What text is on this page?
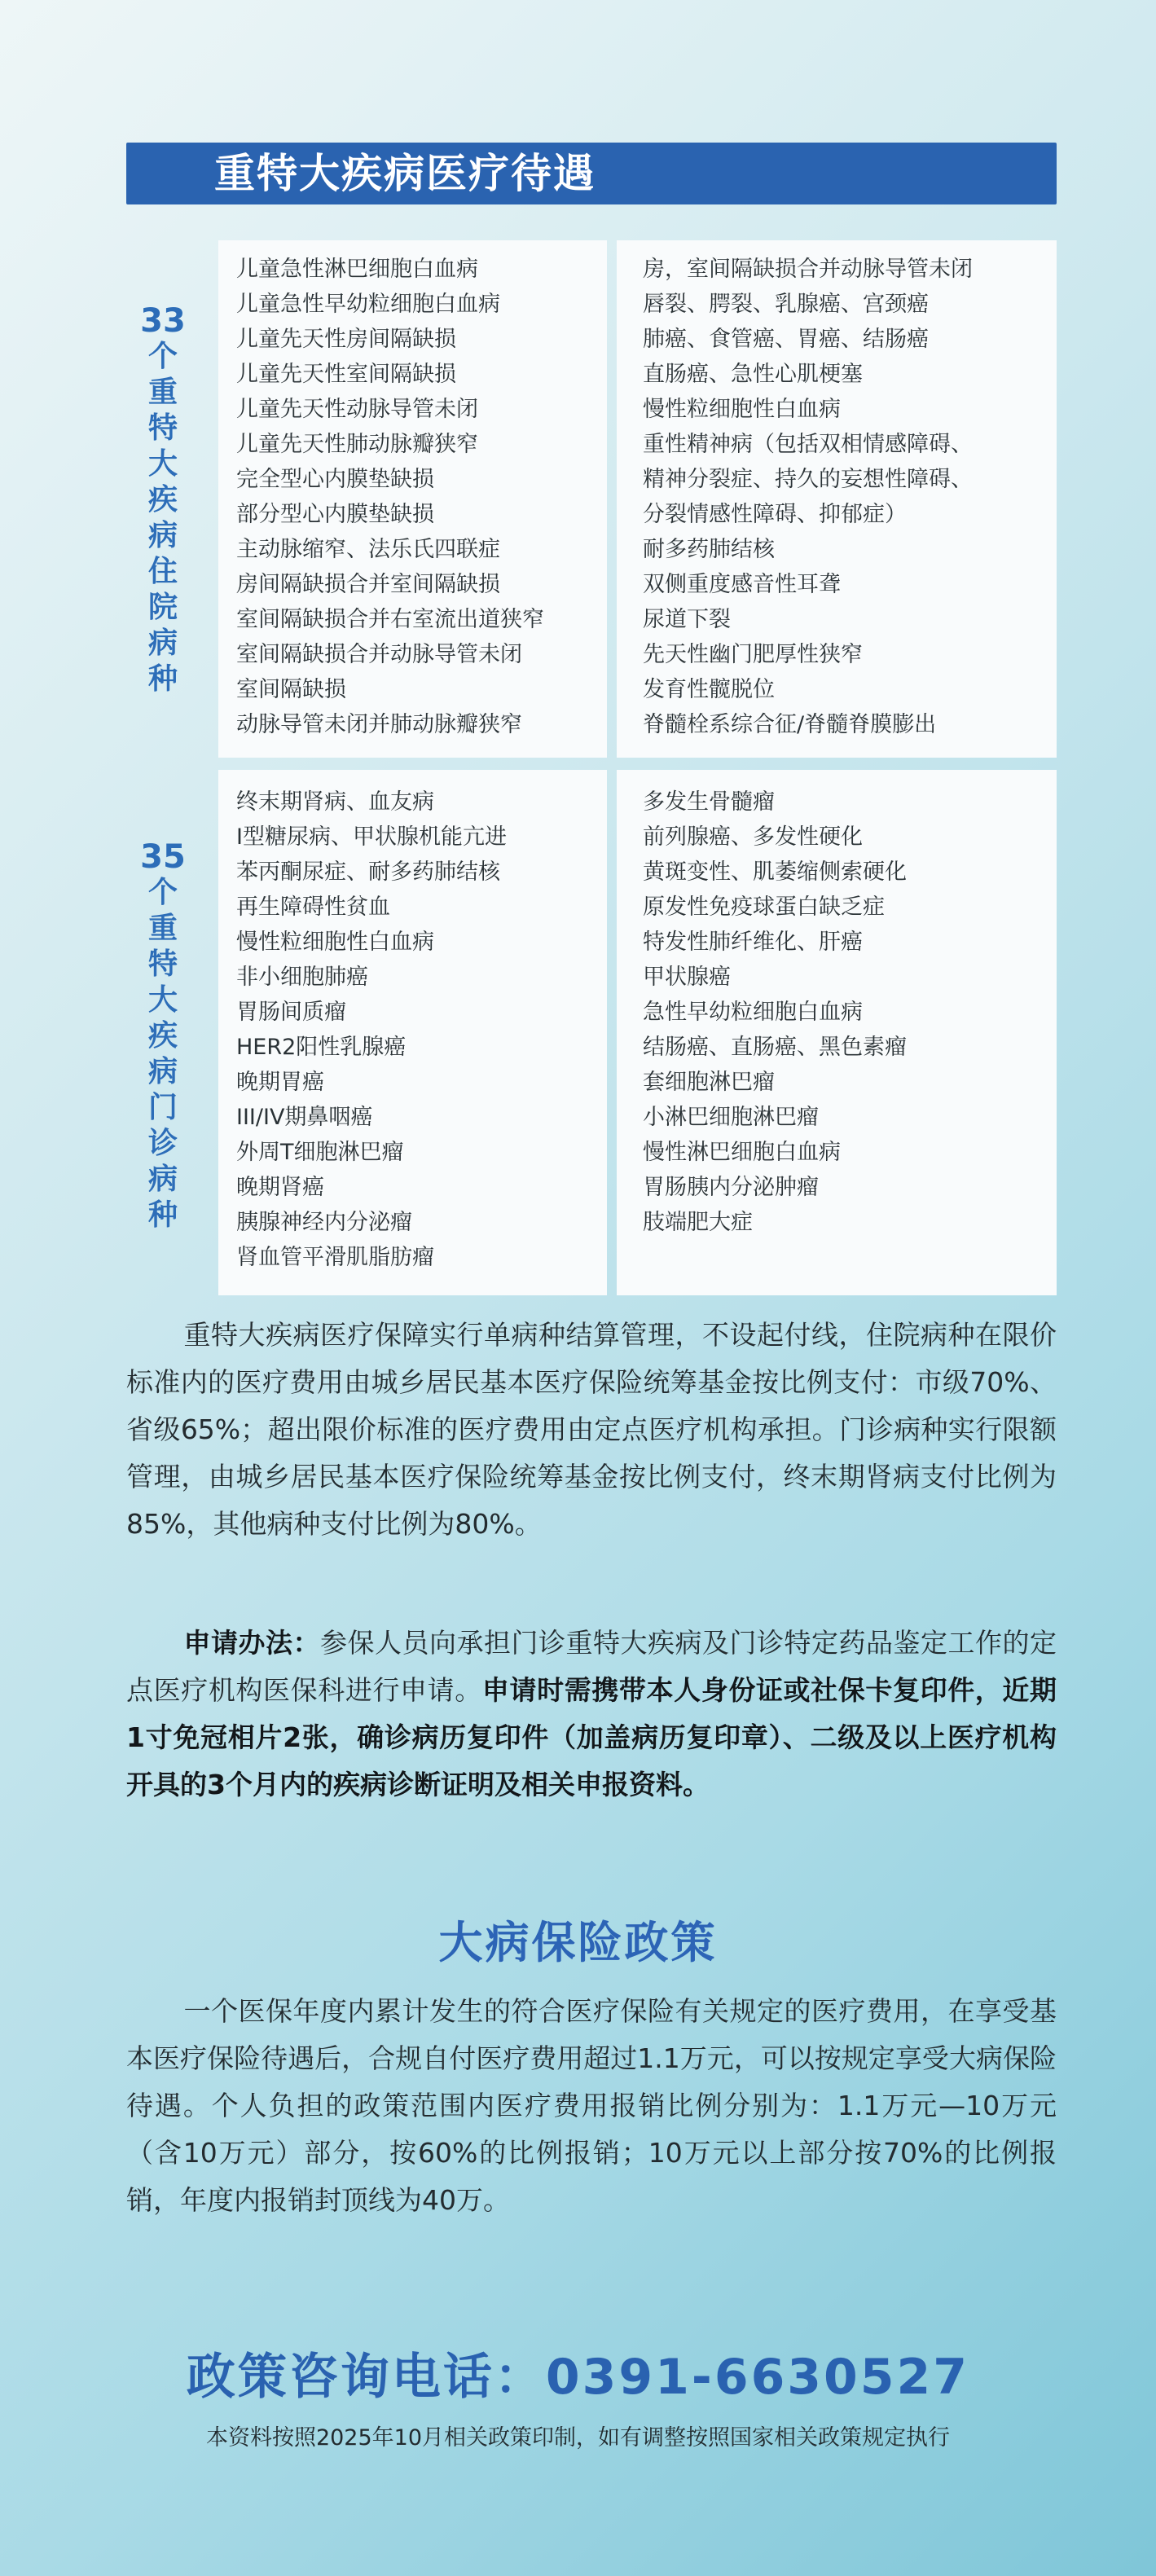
重特大疾病医疗待遇
33
个重特大疾病住院病种
儿童急性淋巴细胞白血病
儿童急性早幼粒细胞白血病
儿童先天性房间隔缺损
儿童先天性室间隔缺损
儿童先天性动脉导管未闭
儿童先天性肺动脉瓣狭窄
完全型心内膜垫缺损
部分型心内膜垫缺损
主动脉缩窄、法乐氏四联症
房间隔缺损合并室间隔缺损
室间隔缺损合并右室流出道狭窄
室间隔缺损合并动脉导管未闭
室间隔缺损
动脉导管未闭并肺动脉瓣狭窄
房，室间隔缺损合并动脉导管未闭
唇裂、腭裂、乳腺癌、宫颈癌
肺癌、食管癌、胃癌、结肠癌
直肠癌、急性心肌梗塞
慢性粒细胞性白血病
重性精神病（包括双相情感障碍、
精神分裂症、持久的妄想性障碍、
分裂情感性障碍、抑郁症）
耐多药肺结核
双侧重度感音性耳聋
尿道下裂
先天性幽门肥厚性狭窄
发育性髋脱位
脊髓栓系综合征/脊髓脊膜膨出
35
个重特大疾病门诊病种
终末期肾病、血友病
I型糖尿病、甲状腺机能亢进
苯丙酮尿症、耐多药肺结核
再生障碍性贫血
慢性粒细胞性白血病
非小细胞肺癌
胃肠间质瘤
HER2阳性乳腺癌
晚期胃癌
III/IV期鼻咽癌
外周T细胞淋巴瘤
晚期肾癌
胰腺神经内分泌瘤
肾血管平滑肌脂肪瘤
多发生骨髓瘤
前列腺癌、多发性硬化
黄斑变性、肌萎缩侧索硬化
原发性免疫球蛋白缺乏症
特发性肺纤维化、肝癌
甲状腺癌
急性早幼粒细胞白血病
结肠癌、直肠癌、黑色素瘤
套细胞淋巴瘤
小淋巴细胞淋巴瘤
慢性淋巴细胞白血病
胃肠胰内分泌肿瘤
肢端肥大症
重特大疾病医疗保障实行单病种结算管理，不设起付线，住院病种在限价标准内的医疗费用由城乡居民基本医疗保险统筹基金按比例支付：市级70%、省级65%；超出限价标准的医疗费用由定点医疗机构承担。门诊病种实行限额管理，由城乡居民基本医疗保险统筹基金按比例支付，终末期肾病支付比例为85%，其他病种支付比例为80%。
申请办法：参保人员向承担门诊重特大疾病及门诊特定药品鉴定工作的定点医疗机构医保科进行申请。申请时需携带本人身份证或社保卡复印件，近期1寸免冠相片2张，确诊病历复印件（加盖病历复印章）、二级及以上医疗机构开具的3个月内的疾病诊断证明及相关申报资料。
大病保险政策
一个医保年度内累计发生的符合医疗保险有关规定的医疗费用，在享受基本医疗保险待遇后，合规自付医疗费用超过1.1万元，可以按规定享受大病保险待遇。个人负担的政策范围内医疗费用报销比例分别为：1.1万元—10万元（含10万元）部分，按60%的比例报销；10万元以上部分按70%的比例报销，年度内报销封顶线为40万。
政策咨询电话：0391-6630527
本资料按照2025年10月相关政策印制，如有调整按照国家相关政策规定执行
